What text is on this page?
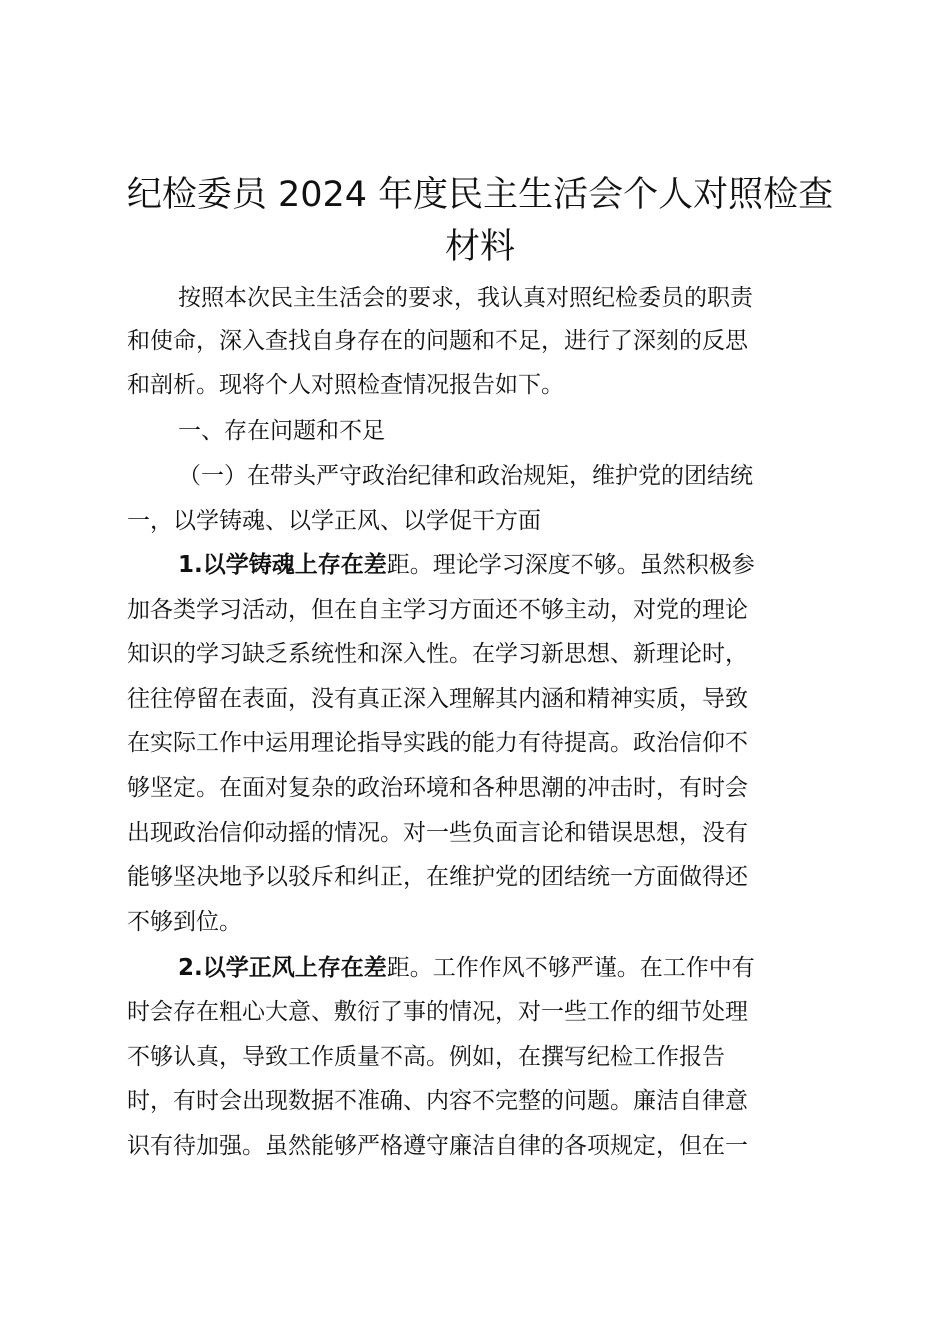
纪检委员 2024 年度民主生活会个人对照检查
材料
按照本次民主生活会的要求，我认真对照纪检委员的职责
和使命，深入查找自身存在的问题和不足，进行了深刻的反思
和剖析。现将个人对照检查情况报告如下。
一、存在问题和不足
（一）在带头严守政治纪律和政治规矩，维护党的团结统
一，以学铸魂、以学正风、以学促干方面
1.以学铸魂上存在差距。理论学习深度不够。虽然积极参
加各类学习活动，但在自主学习方面还不够主动，对党的理论
知识的学习缺乏系统性和深入性。在学习新思想、新理论时，
往往停留在表面，没有真正深入理解其内涵和精神实质，导致
在实际工作中运用理论指导实践的能力有待提高。政治信仰不
够坚定。在面对复杂的政治环境和各种思潮的冲击时，有时会
出现政治信仰动摇的情况。对一些负面言论和错误思想，没有
能够坚决地予以驳斥和纠正，在维护党的团结统一方面做得还
不够到位。
2.以学正风上存在差距。工作作风不够严谨。在工作中有
时会存在粗心大意、敷衍了事的情况，对一些工作的细节处理
不够认真，导致工作质量不高。例如，在撰写纪检工作报告
时，有时会出现数据不准确、内容不完整的问题。廉洁自律意
识有待加强。虽然能够严格遵守廉洁自律的各项规定，但在一
